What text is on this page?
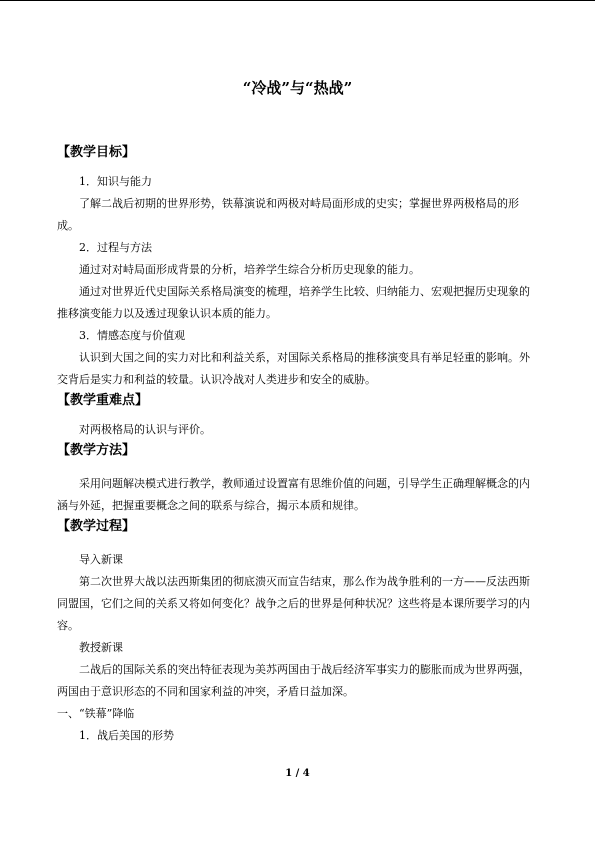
“冷战”与“热战”

【教学目标】

1．知识与能力

了解二战后初期的世界形势，铁幕演说和两极对峙局面形成的史实；掌握世界两极格局的形成。

2．过程与方法

通过对对峙局面形成背景的分析，培养学生综合分析历史现象的能力。

通过对世界近代史国际关系格局演变的梳理，培养学生比较、归纳能力、宏观把握历史现象的推移演变能力以及透过现象认识本质的能力。

3．情感态度与价值观

认识到大国之间的实力对比和利益关系，对国际关系格局的推移演变具有举足轻重的影响。外交背后是实力和利益的较量。认识冷战对人类进步和安全的威胁。

【教学重难点】

对两极格局的认识与评价。

【教学方法】

采用问题解决模式进行教学，教师通过设置富有思维价值的问题，引导学生正确理解概念的内涵与外延，把握重要概念之间的联系与综合，揭示本质和规律。

【教学过程】

导入新课

第二次世界大战以法西斯集团的彻底溃灭而宣告结束，那么作为战争胜利的一方——反法西斯同盟国，它们之间的关系又将如何变化？战争之后的世界是何种状况？这些将是本课所要学习的内容。

教授新课

二战后的国际关系的突出特征表现为美苏两国由于战后经济军事实力的膨胀而成为世界两强，两国由于意识形态的不同和国家利益的冲突，矛盾日益加深。

一、“铁幕”降临

1．战后美国的形势

1 / 4
